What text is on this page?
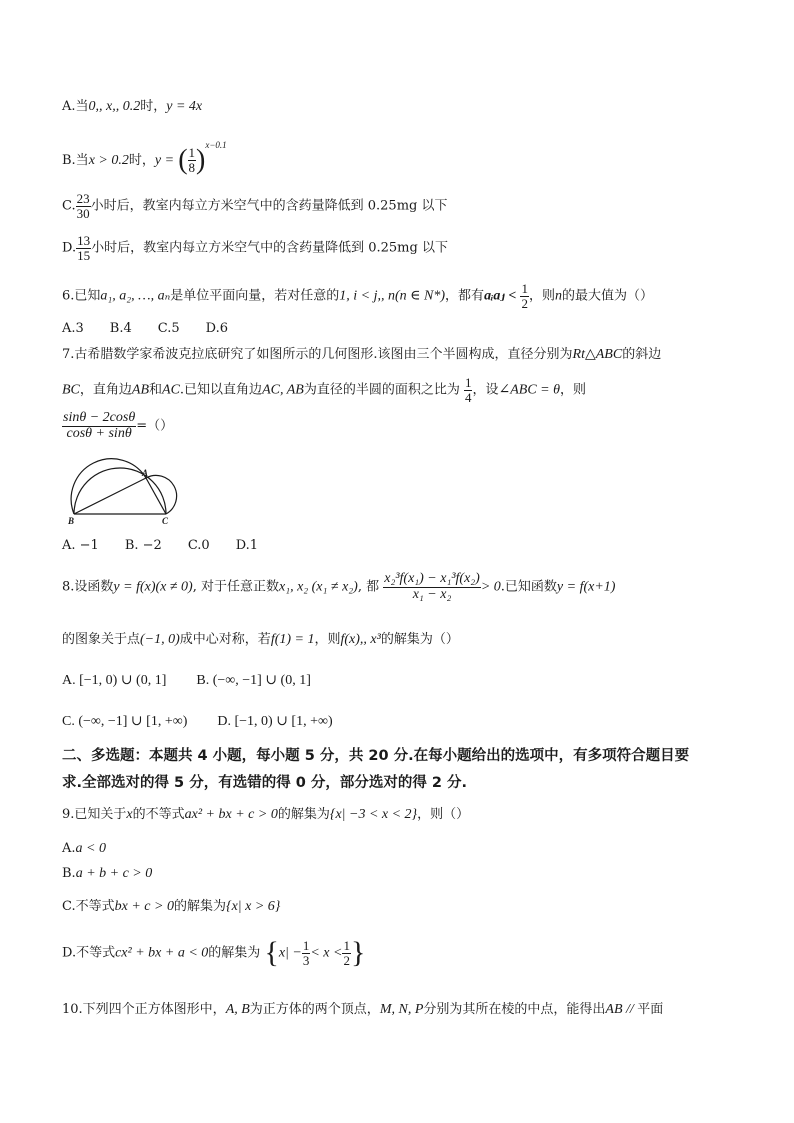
A.当0,, x,, 0.2时，y = 4x
B.当x > 0.2时，y = ( $\frac{1}{8} )^{x-0.1}$
C. $\frac{23}{30}$ 小时后，教室内每立方米空气中的含药量降低到 0.25mg 以下
D. $\frac{13}{15}$ 小时后，教室内每立方米空气中的含药量降低到 0.25mg 以下
6.已知a₁, a₂, …, aₙ是单位平面向量，若对任意的1, i < j,, n(n ∈ N*)，都有aᵢaⱼ < $\frac{1}{2}$ ，则n的最大值为（）
A.3 B.4 C.5 D.6
7.古希腊数学家希波克拉底研究了如图所示的几何图形.该图由三个半圆构成，直径分别为Rt△ABC的斜边
BC，直角边AB和AC.已知以直角边AC, AB为直径的半圆的面积之比为 $\frac{1}{4}$ ，设∠ABC = θ，则
$\frac{\sin\theta - 2\cos\theta}{\cos\theta + \sin\theta}$ =（）
A
B	C
A. −1 B. −2 C.0 D.1
8.设函数y = f(x)(x ≠ 0), 对于任意正数x₁, x₂ (x₁ ≠ x₂), 都 $\frac{\text{x₂³f(x₁) − x₁³f(x₂)}}{\text{x₁ − x₂}} > 0$.已知函数y = f(x+1)
的图象关于点(−1, 0)成中心对称，若f(1) = 1，则f(x),, x³的解集为（）
A. [−1, 0) ∪ (0, 1] B. (−∞, −1] ∪ (0, 1]
C. (−∞, −1] ∪ [1, +∞) D. [−1, 0) ∪ [1, +∞)
二、多选题：本题共 4 小题，每小题 5 分，共 20 分.在每小题给出的选项中，有多项符合题目要
求.全部选对的得 5 分，有选错的得 0 分，部分选对的得 2 分.
9.已知关于x的不等式ax² + bx + c > 0的解集为{x| −3 < x < 2}，则（）
A.a < 0
B.a + b + c > 0
C.不等式bx + c > 0的解集为{x| x > 6}
D.不等式cx² + bx + a < 0的解集为 {$x| - \frac{1}{3} < x < \frac{1}{2}$ }
10.下列四个正方体图形中，A, B为正方体的两个顶点，M, N, P分别为其所在棱的中点，能得出AB // 平面
